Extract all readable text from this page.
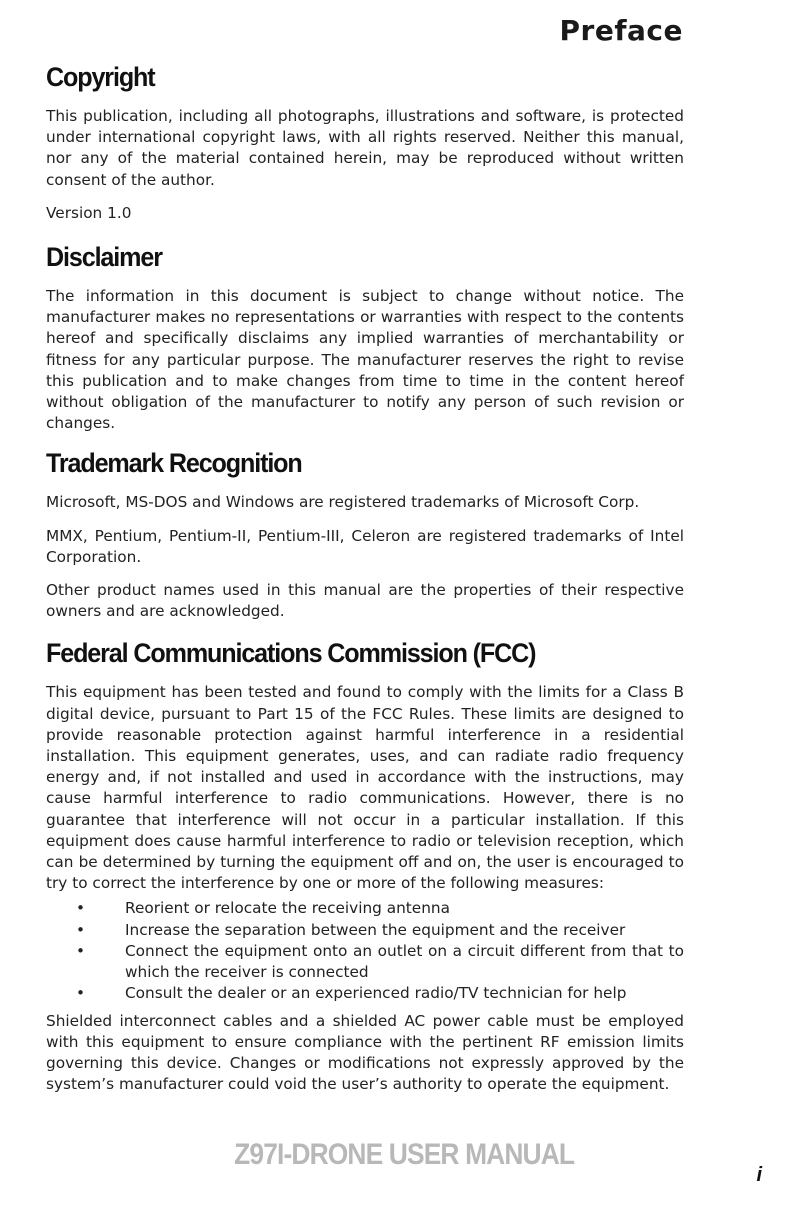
Preface
Copyright

This publication, including all photographs, illustrations and software, is protected under international copyright laws, with all rights reserved. Neither this manual, nor any of the material contained herein, may be reproduced without written consent of the author.

Version 1.0

Disclaimer

The information in this document is subject to change without notice. The manufacturer makes no representations or warranties with respect to the contents hereof and specifically disclaims any implied warranties of merchantability or fitness for any particular purpose. The manufacturer reserves the right to revise this publication and to make changes from time to time in the content hereof without obligation of the manufacturer to notify any person of such revision or changes.

Trademark Recognition

Microsoft, MS-DOS and Windows are registered trademarks of Microsoft Corp.

MMX, Pentium, Pentium-II, Pentium-III, Celeron are registered trademarks of Intel Corporation.

Other product names used in this manual are the properties of their respective owners and are acknowledged.

Federal Communications Commission (FCC)

This equipment has been tested and found to comply with the limits for a Class B digital device, pursuant to Part 15 of the FCC Rules. These limits are designed to provide reasonable protection against harmful interference in a residential installation. This equipment generates, uses, and can radiate radio frequency energy and, if not installed and used in accordance with the instructions, may cause harmful interference to radio communications. However, there is no guarantee that interference will not occur in a particular installation. If this equipment does cause harmful interference to radio or television reception, which can be determined by turning the equipment off and on, the user is encouraged to try to correct the interference by one or more of the following measures:

•	Reorient or relocate the receiving antenna
•	Increase the separation between the equipment and the receiver
•	Connect the equipment onto an outlet on a circuit different from that to which the receiver is connected
•	Consult the dealer or an experienced radio/TV technician for help

Shielded interconnect cables and a shielded AC power cable must be employed with this equipment to ensure compliance with the pertinent RF emission limits governing this device. Changes or modifications not expressly approved by the system’s manufacturer could void the user’s authority to operate the equipment.

Z97I-DRONE USER MANUAL
i
